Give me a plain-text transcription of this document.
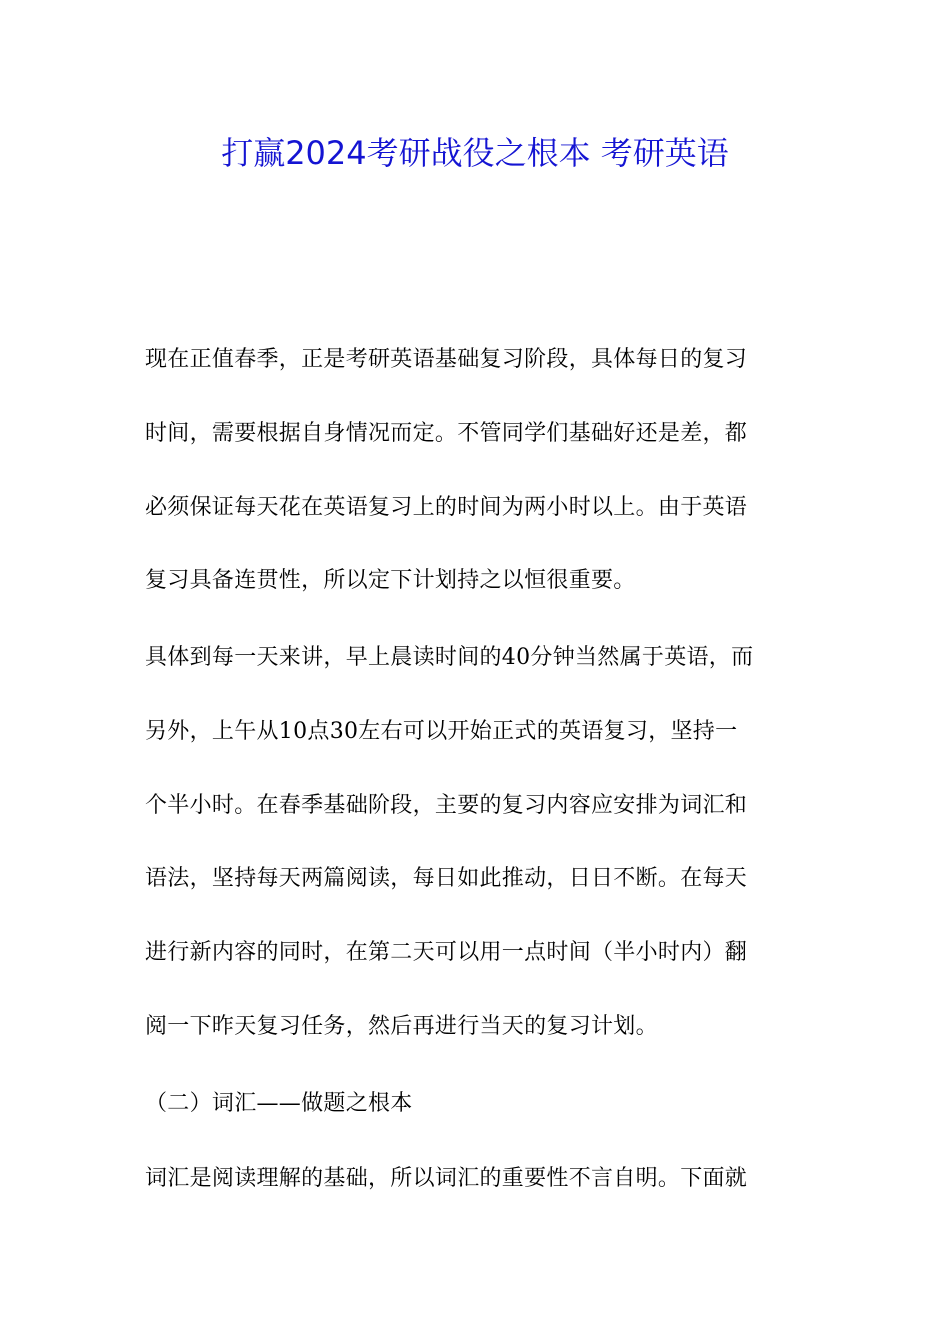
打赢2024考研战役之根本 考研英语
现在正值春季，正是考研英语基础复习阶段，具体每日的复习
时间，需要根据自身情况而定。不管同学们基础好还是差，都
必须保证每天花在英语复习上的时间为两小时以上。由于英语
复习具备连贯性，所以定下计划持之以恒很重要。
具体到每一天来讲，早上晨读时间的40分钟当然属于英语，而
另外，上午从10点30左右可以开始正式的英语复习，坚持一
个半小时。在春季基础阶段，主要的复习内容应安排为词汇和
语法，坚持每天两篇阅读，每日如此推动，日日不断。在每天
进行新内容的同时，在第二天可以用一点时间（半小时内）翻
阅一下昨天复习任务，然后再进行当天的复习计划。
（二）词汇——做题之根本
词汇是阅读理解的基础，所以词汇的重要性不言自明。下面就
